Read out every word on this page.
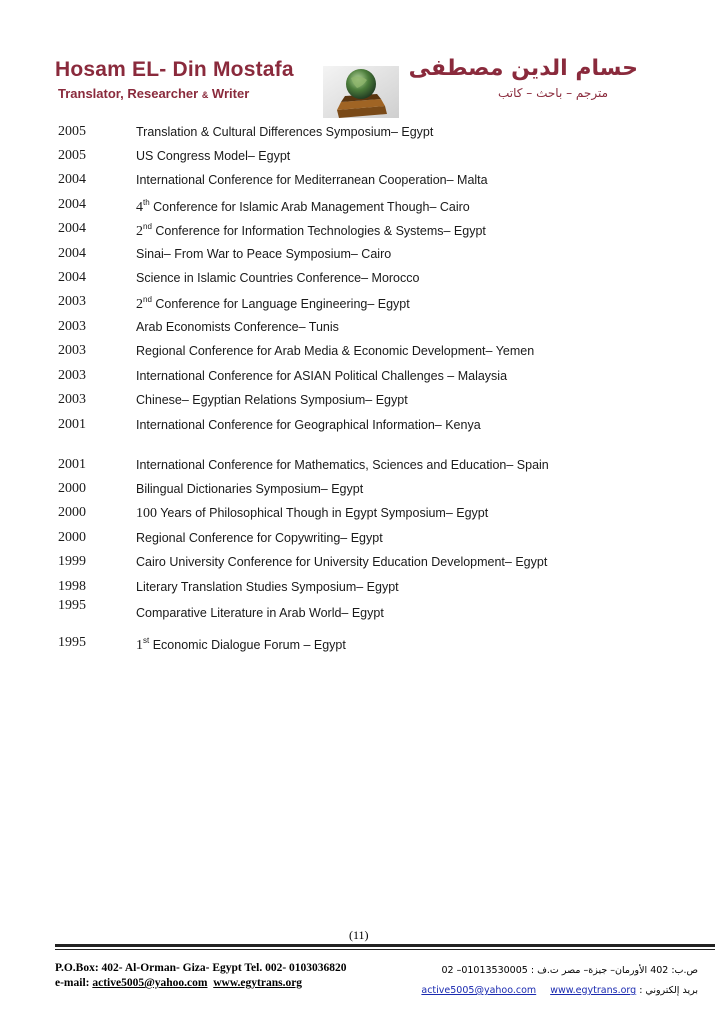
Hosam EL- Din Mostafa
Translator, Researcher & Writer
حسام الدين مصطفى
مترجم – باحث – كاتب
2005	Translation & Cultural Differences Symposium– Egypt
2005	US Congress Model– Egypt
2004	International Conference for Mediterranean Cooperation– Malta
2004	4th Conference for Islamic Arab Management Though– Cairo
2004	2nd Conference for Information Technologies & Systems– Egypt
2004	Sinai– From War to Peace Symposium– Cairo
2004	Science in Islamic Countries Conference– Morocco
2003	2nd Conference for Language Engineering– Egypt
2003	Arab Economists Conference– Tunis
2003	Regional Conference for Arab Media & Economic Development– Yemen
2003	International Conference for ASIAN Political Challenges – Malaysia
2003	Chinese– Egyptian Relations Symposium– Egypt
2001	International Conference for Geographical Information– Kenya
2001	International Conference for Mathematics, Sciences and Education– Spain
2000	Bilingual Dictionaries Symposium– Egypt
2000	100 Years of Philosophical Though in Egypt Symposium– Egypt
2000	Regional Conference for Copywriting– Egypt
1999	Cairo University Conference for University Education Development– Egypt
1998	Literary Translation Studies Symposium– Egypt
1995	Comparative Literature in Arab World– Egypt
1995	1st Economic Dialogue Forum – Egypt
(11)
P.O.Box: 402- Al-Orman- Giza- Egypt Tel. 002- 0103036820
e-mail: active5005@yahoo.com www.egytrans.org
ص.ب: 402 الأورمان– جيزة– مصر ت.ف : 01013530005– 02
بريد إلكتروني : active5005@yahoo.com www.egytrans.org
